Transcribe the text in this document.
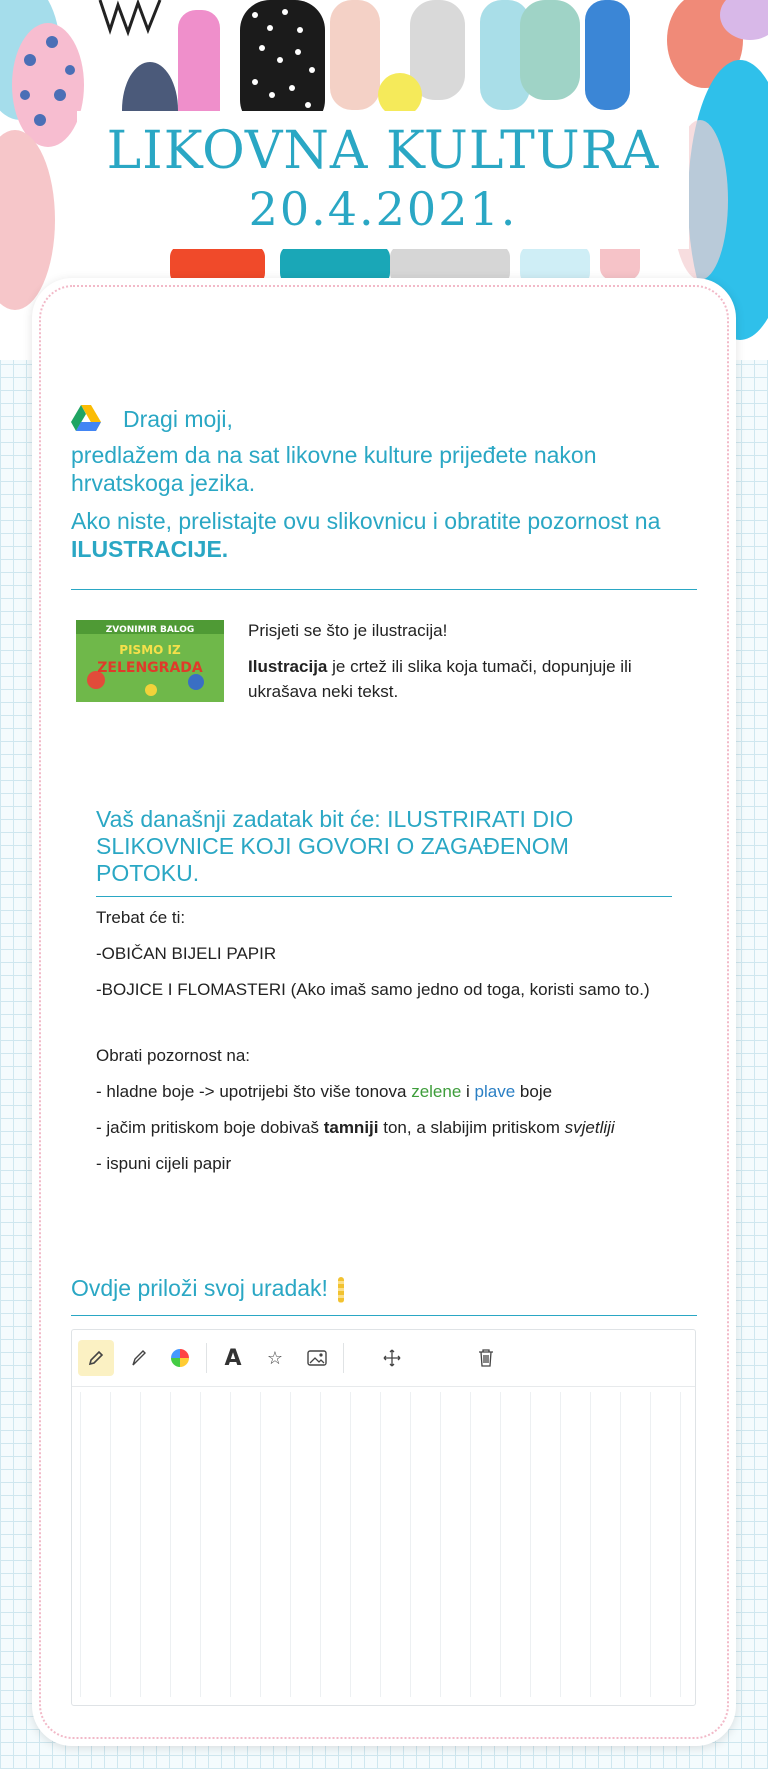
LIKOVNA KULTURA
20.4.2021.
Dragi moji,
predlažem da na sat likovne kulture prijeđete nakon hrvatskoga jezika.
Ako niste, prelistajte ovu slikovnicu i obratite pozornost na ILUSTRACIJE.
ZVONIMIR BALOG
PISMO IZ
ZELENGRADA
Prisjeti se što je ilustracija!
Ilustracija je crtež ili slika koja tumači, dopunjuje ili ukrašava neki tekst.
Vaš današnji zadatak bit će: ILUSTRIRATI DIO SLIKOVNICE KOJI GOVORI O ZAGAĐENOM POTOKU.
Trebat će ti:
-OBIČAN BIJELI PAPIR
-BOJICE I FLOMASTERI (Ako imaš samo jedno od toga, koristi samo to.)
Obrati pozornost na:
- hladne boje -> upotrijebi što više tonova zelene i plave boje
- jačim pritiskom boje dobivaš tamniji ton, a slabijim pritiskom svjetliji
- ispuni cijeli papir
Ovdje priloži svoj uradak!
A	☆
